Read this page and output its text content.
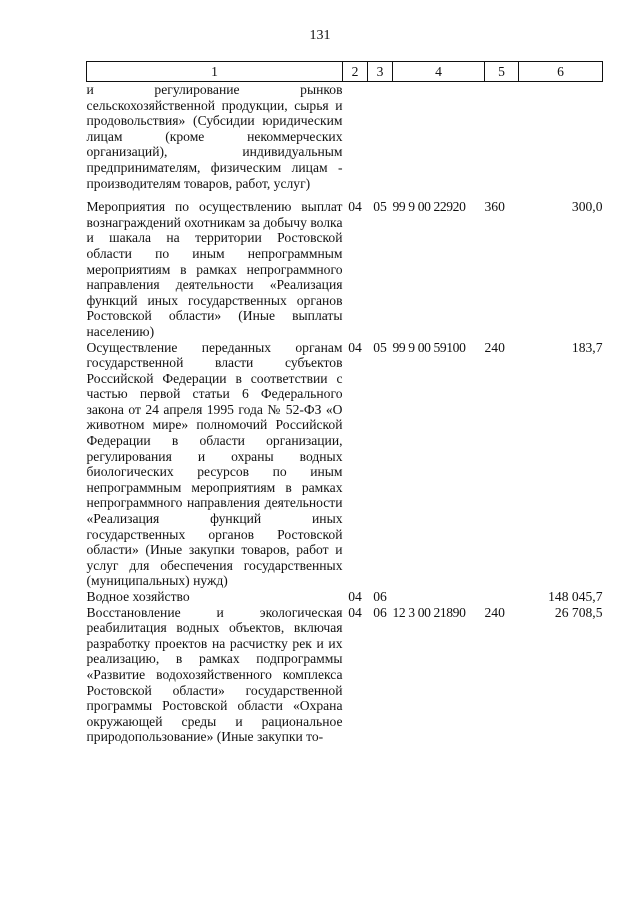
131
1	2	3	4	5	6
и регулирование рынков сельскохозяйственной продукции, сырья и продовольствия» (Субсидии юридическим лицам (кроме некоммерческих организаций), индивидуальным предпринимателям, физическим лицам - производителям товаров, работ, услуг)					
Мероприятия по осуществлению выплат вознаграждений охотникам за добычу волка и шакала на территории Ростовской области по иным непрограммным мероприятиям в рамках непрограммного направления деятельности «Реализация функций иных государственных органов Ростовской области» (Иные выплаты населению)	04	05	99 9 00 22920	360	300,0
Осуществление переданных органам государственной власти субъектов Российской Федерации в соответствии с частью первой статьи 6 Федерального закона от 24 апреля 1995 года № 52-ФЗ «О животном мире» полномочий Российской Федерации в области организации, регулирования и охраны водных биологических ресурсов по иным непрограммным мероприятиям в рамках непрограммного направления деятельности «Реализация функций иных государственных органов Ростовской области» (Иные закупки товаров, работ и услуг для обеспечения государственных (муниципальных) нужд)	04	05	99 9 00 59100	240	183,7
Водное хозяйство	04	06			148 045,7
Восстановление и экологическая реабилитация водных объектов, включая разработку проектов на расчистку рек и их реализацию, в рамках подпрограммы «Развитие водохозяйственного комплекса Ростовской области» государственной программы Ростовской области «Охрана окружающей среды и рациональное природопользование» (Иные закупки то-	04	06	12 3 00 21890	240	26 708,5
